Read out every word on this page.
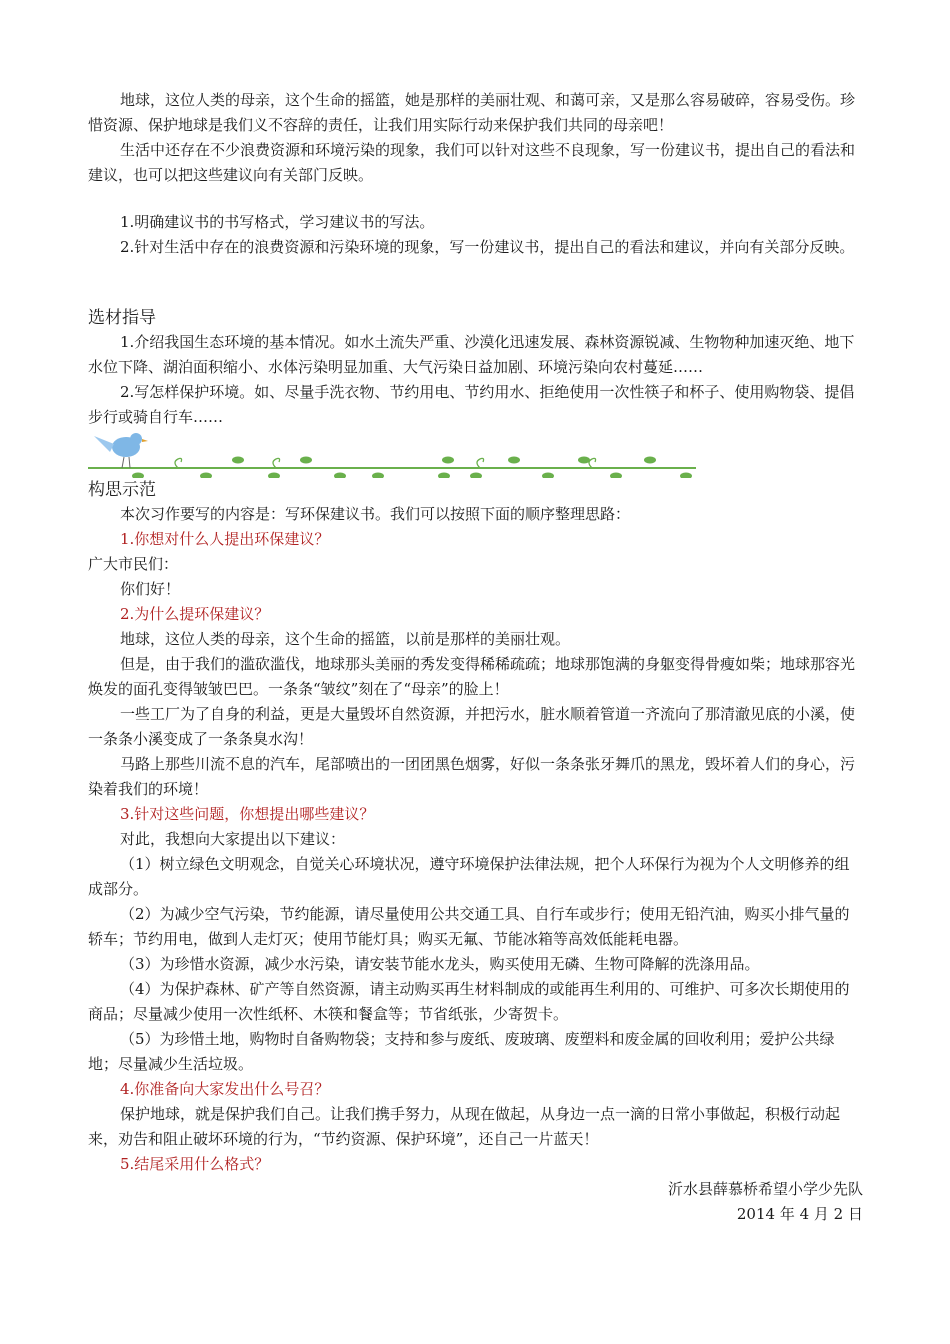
地球，这位人类的母亲，这个生命的摇篮，她是那样的美丽壮观、和蔼可亲，又是那么容易破碎，容易受伤。珍惜资源、保护地球是我们义不容辞的责任，让我们用实际行动来保护我们共同的母亲吧！

生活中还存在不少浪费资源和环境污染的现象，我们可以针对这些不良现象，写一份建议书，提出自己的看法和建议，也可以把这些建议向有关部门反映。

1.明确建议书的书写格式，学习建议书的写法。

2.针对生活中存在的浪费资源和污染环境的现象，写一份建议书，提出自己的看法和建议，并向有关部分反映。

选材指导

1.介绍我国生态环境的基本情况。如水土流失严重、沙漠化迅速发展、森林资源锐减、生物物种加速灭绝、地下水位下降、湖泊面积缩小、水体污染明显加重、大气污染日益加剧、环境污染向农村蔓延……

2.写怎样保护环境。如、尽量手洗衣物、节约用电、节约用水、拒绝使用一次性筷子和杯子、使用购物袋、提倡步行或骑自行车……

构思示范

本次习作要写的内容是：写环保建议书。我们可以按照下面的顺序整理思路：

1.你想对什么人提出环保建议？

广大市民们：

你们好！

2.为什么提环保建议？

地球，这位人类的母亲，这个生命的摇篮，以前是那样的美丽壮观。

但是，由于我们的滥砍滥伐，地球那头美丽的秀发变得稀稀疏疏；地球那饱满的身躯变得骨瘦如柴；地球那容光焕发的面孔变得皱皱巴巴。一条条“皱纹”刻在了“母亲”的脸上！

一些工厂为了自身的利益，更是大量毁坏自然资源，并把污水，脏水顺着管道一齐流向了那清澈见底的小溪，使一条条小溪变成了一条条臭水沟！

马路上那些川流不息的汽车，尾部喷出的一团团黑色烟雾，好似一条条张牙舞爪的黑龙，毁坏着人们的身心，污染着我们的环境！

3.针对这些问题，你想提出哪些建议？

对此，我想向大家提出以下建议：

（1）树立绿色文明观念，自觉关心环境状况，遵守环境保护法律法规，把个人环保行为视为个人文明修养的组成部分。

（2）为减少空气污染，节约能源，请尽量使用公共交通工具、自行车或步行；使用无铅汽油，购买小排气量的轿车；节约用电，做到人走灯灭；使用节能灯具；购买无氟、节能冰箱等高效低能耗电器。

（3）为珍惜水资源，减少水污染，请安装节能水龙头，购买使用无磷、生物可降解的洗涤用品。

（4）为保护森林、矿产等自然资源，请主动购买再生材料制成的或能再生利用的、可维护、可多次长期使用的商品；尽量减少使用一次性纸杯、木筷和餐盒等；节省纸张，少寄贺卡。

（5）为珍惜土地，购物时自备购物袋；支持和参与废纸、废玻璃、废塑料和废金属的回收利用；爱护公共绿地；尽量减少生活垃圾。

4.你准备向大家发出什么号召？

保护地球，就是保护我们自己。让我们携手努力，从现在做起，从身边一点一滴的日常小事做起，积极行动起来，劝告和阻止破坏环境的行为，“节约资源、保护环境”，还自己一片蓝天！

5.结尾采用什么格式？

沂水县薛慕桥希望小学少先队

2014 年 4 月 2 日
